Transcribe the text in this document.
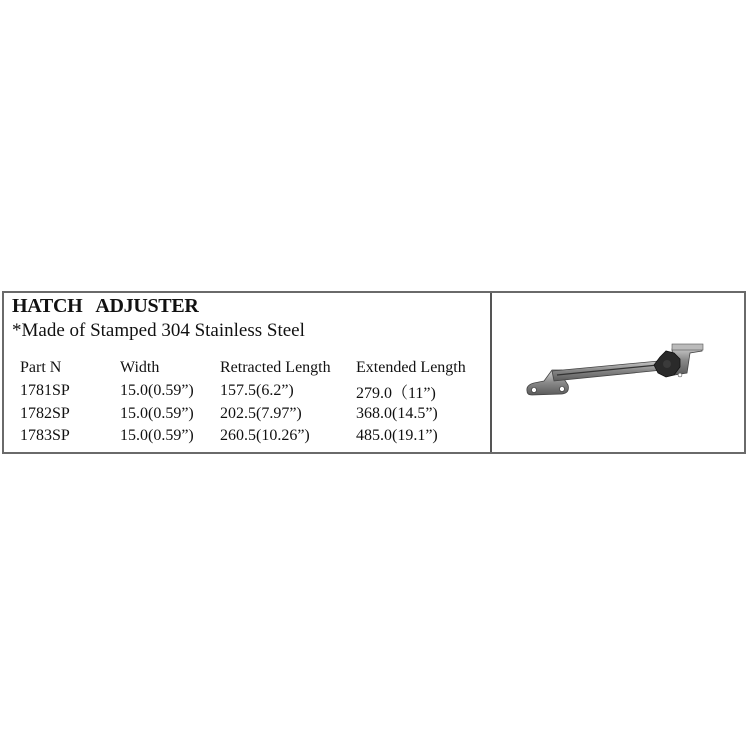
HATCH   ADJUSTER
*Made of Stamped 304 Stainless Steel
Part N	Width	Retracted Length	Extended Length
1781SP	15.0(0.59”)	157.5(6.2”)	279.0（11”)
1782SP	15.0(0.59”)	202.5(7.97”)	368.0(14.5”)
1783SP	15.0(0.59”)	260.5(10.26”)	485.0(19.1”)
